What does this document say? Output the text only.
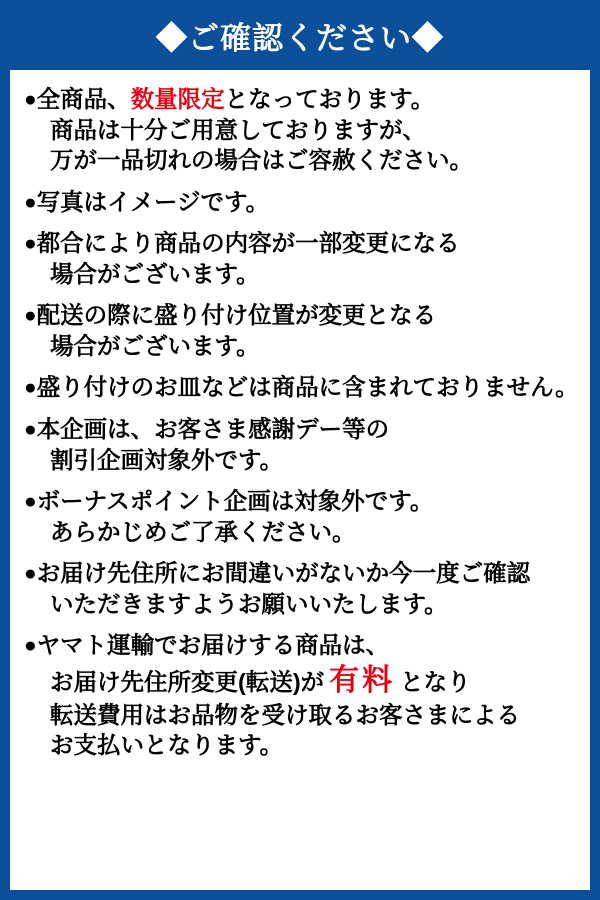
◆ご確認ください◆
●全商品、数量限定となっております。
商品は十分ご用意しておりますが、
万が一品切れの場合はご容赦ください。
●写真はイメージです。
●都合により商品の内容が一部変更になる
場合がございます。
●配送の際に盛り付け位置が変更となる
場合がございます。
●盛り付けのお皿などは商品に含まれておりません。
●本企画は、お客さま感謝デー等の
割引企画対象外です。
●ボーナスポイント企画は対象外です。
あらかじめご了承ください。
●お届け先住所にお間違いがないか今一度ご確認
いただきますようお願いいたします。
●ヤマト運輸でお届けする商品は、
お届け先住所変更(転送)が 有料 となり
転送費用はお品物を受け取るお客さまによる
お支払いとなります。
